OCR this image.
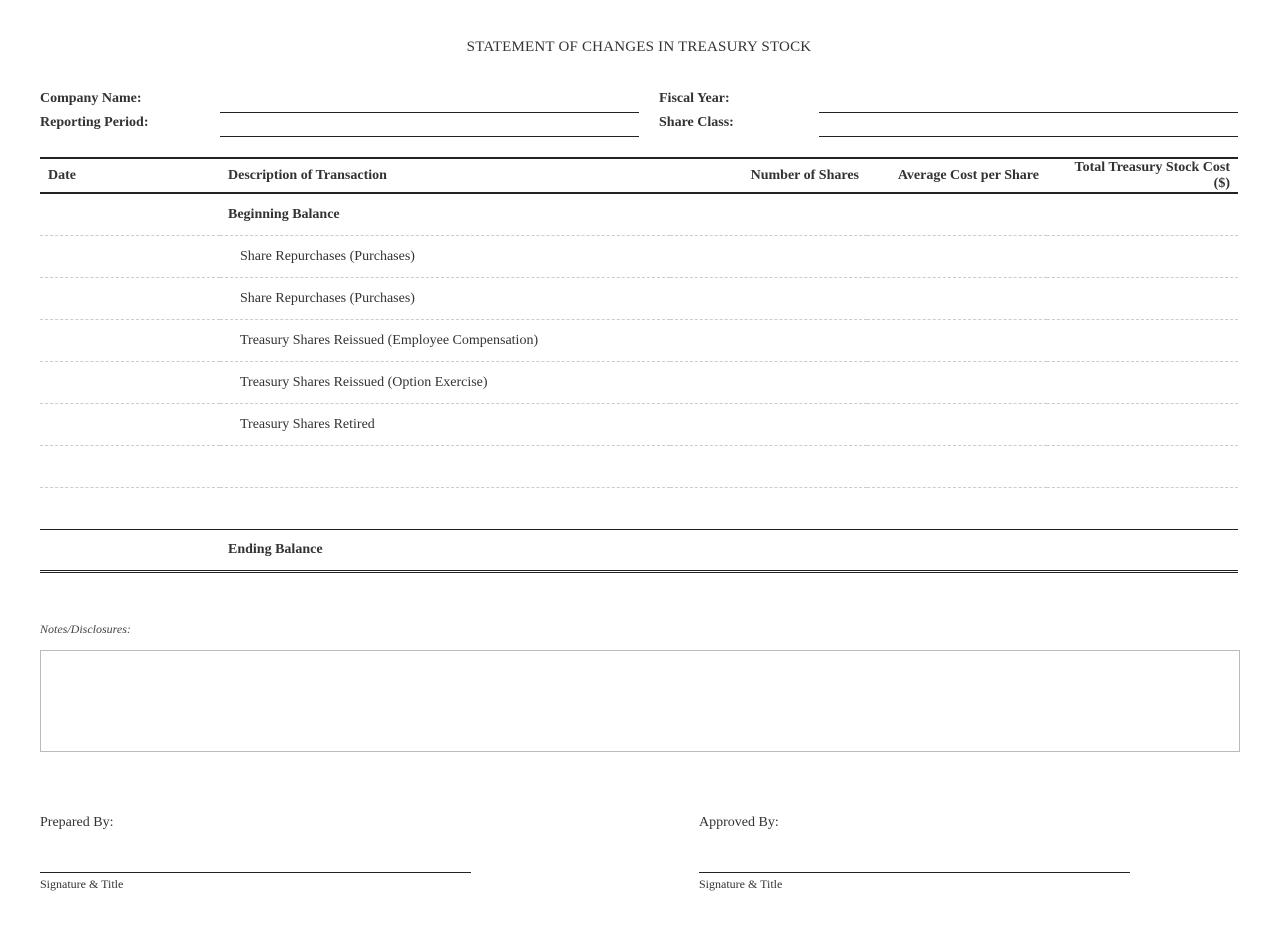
STATEMENT OF CHANGES IN TREASURY STOCK
Company Name:
Reporting Period:
Fiscal Year:
Share Class:
Date	Description of Transaction	Number of Shares	Average Cost per Share	Total Treasury Stock Cost ($)
	Beginning Balance			
	Share Repurchases (Purchases)			
	Share Repurchases (Purchases)			
	Treasury Shares Reissued (Employee Compensation)			
	Treasury Shares Reissued (Option Exercise)			
	Treasury Shares Retired			

	Ending Balance			
Notes/Disclosures:
Prepared By:
Signature & Title
Approved By:
Signature & Title
